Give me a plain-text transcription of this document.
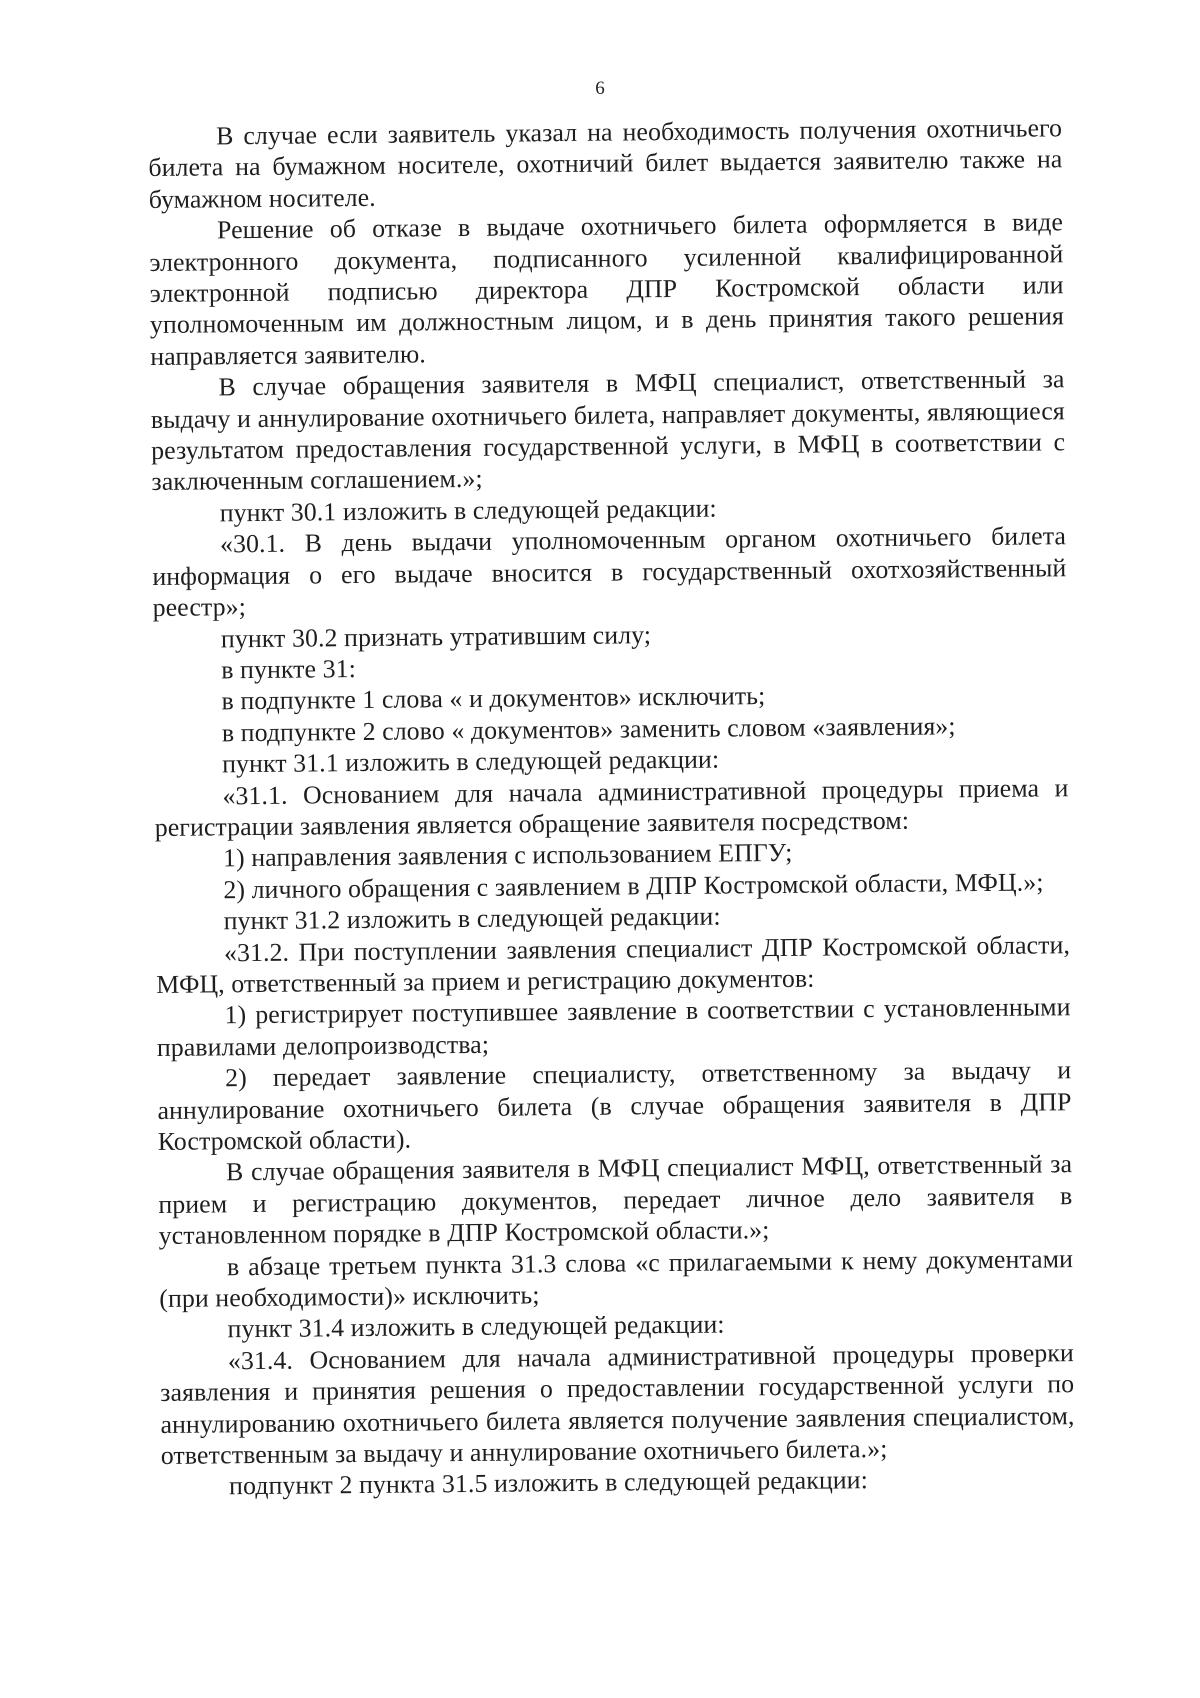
6

В случае если заявитель указал на необходимость получения охотничьего билета на бумажном носителе, охотничий билет выдается заявителю также на бумажном носителе.

Решение об отказе в выдаче охотничьего билета оформляется в виде электронного документа, подписанного усиленной квалифицированной электронной подписью директора ДПР Костромской области или уполномоченным им должностным лицом, и в день принятия такого решения направляется заявителю.

В случае обращения заявителя в МФЦ специалист, ответственный за выдачу и аннулирование охотничьего билета, направляет документы, являющиеся результатом предоставления государственной услуги, в МФЦ в соответствии с заключенным соглашением.»;

пункт 30.1 изложить в следующей редакции:

«30.1. В день выдачи уполномоченным органом охотничьего билета информация о его выдаче вносится в государственный охотхозяйственный реестр»;

пункт 30.2 признать утратившим силу;

в пункте 31:

в подпункте 1 слова « и документов» исключить;

в подпункте 2 слово « документов» заменить словом «заявления»;

пункт 31.1 изложить в следующей редакции:

«31.1. Основанием для начала административной процедуры приема и регистрации заявления является обращение заявителя посредством:

1) направления заявления с использованием ЕПГУ;

2) личного обращения с заявлением в ДПР Костромской области, МФЦ.»;

пункт 31.2 изложить в следующей редакции:

«31.2. При поступлении заявления специалист ДПР Костромской области, МФЦ, ответственный за прием и регистрацию документов:

1) регистрирует поступившее заявление в соответствии с установленными правилами делопроизводства;

2) передает заявление специалисту, ответственному за выдачу и аннулирование охотничьего билета (в случае обращения заявителя в ДПР Костромской области).

В случае обращения заявителя в МФЦ специалист МФЦ, ответственный за прием и регистрацию документов, передает личное дело заявителя в установленном порядке в ДПР Костромской области.»;

в абзаце третьем пункта 31.3 слова «с прилагаемыми к нему документами (при необходимости)» исключить;

пункт 31.4 изложить в следующей редакции:

«31.4. Основанием для начала административной процедуры проверки заявления и принятия решения о предоставлении государственной услуги по аннулированию охотничьего билета является получение заявления специалистом, ответственным за выдачу и аннулирование охотничьего билета.»;

подпункт 2 пункта 31.5 изложить в следующей редакции:
